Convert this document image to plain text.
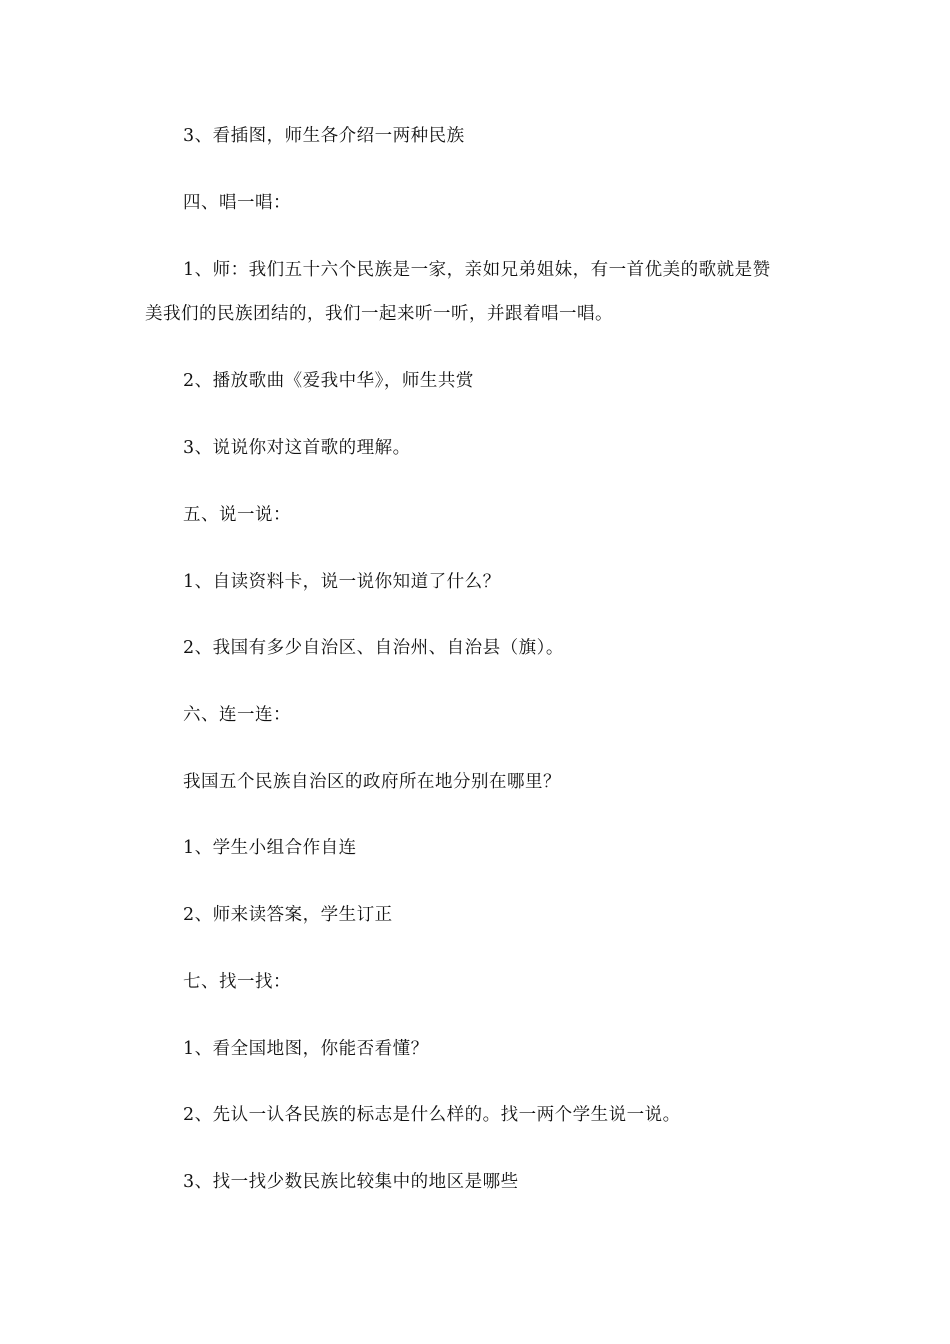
3、看插图，师生各介绍一两种民族
四、唱一唱：
1、师：我们五十六个民族是一家，亲如兄弟姐妹，有一首优美的歌就是赞
美我们的民族团结的，我们一起来听一听，并跟着唱一唱。
2、播放歌曲《爱我中华》，师生共赏
3、说说你对这首歌的理解。
五、说一说：
1、自读资料卡，说一说你知道了什么？
2、我国有多少自治区、自治州、自治县（旗）。
六、连一连：
我国五个民族自治区的政府所在地分别在哪里？
1、学生小组合作自连
2、师来读答案，学生订正
七、找一找：
1、看全国地图，你能否看懂？
2、先认一认各民族的标志是什么样的。找一两个学生说一说。
3、找一找少数民族比较集中的地区是哪些
